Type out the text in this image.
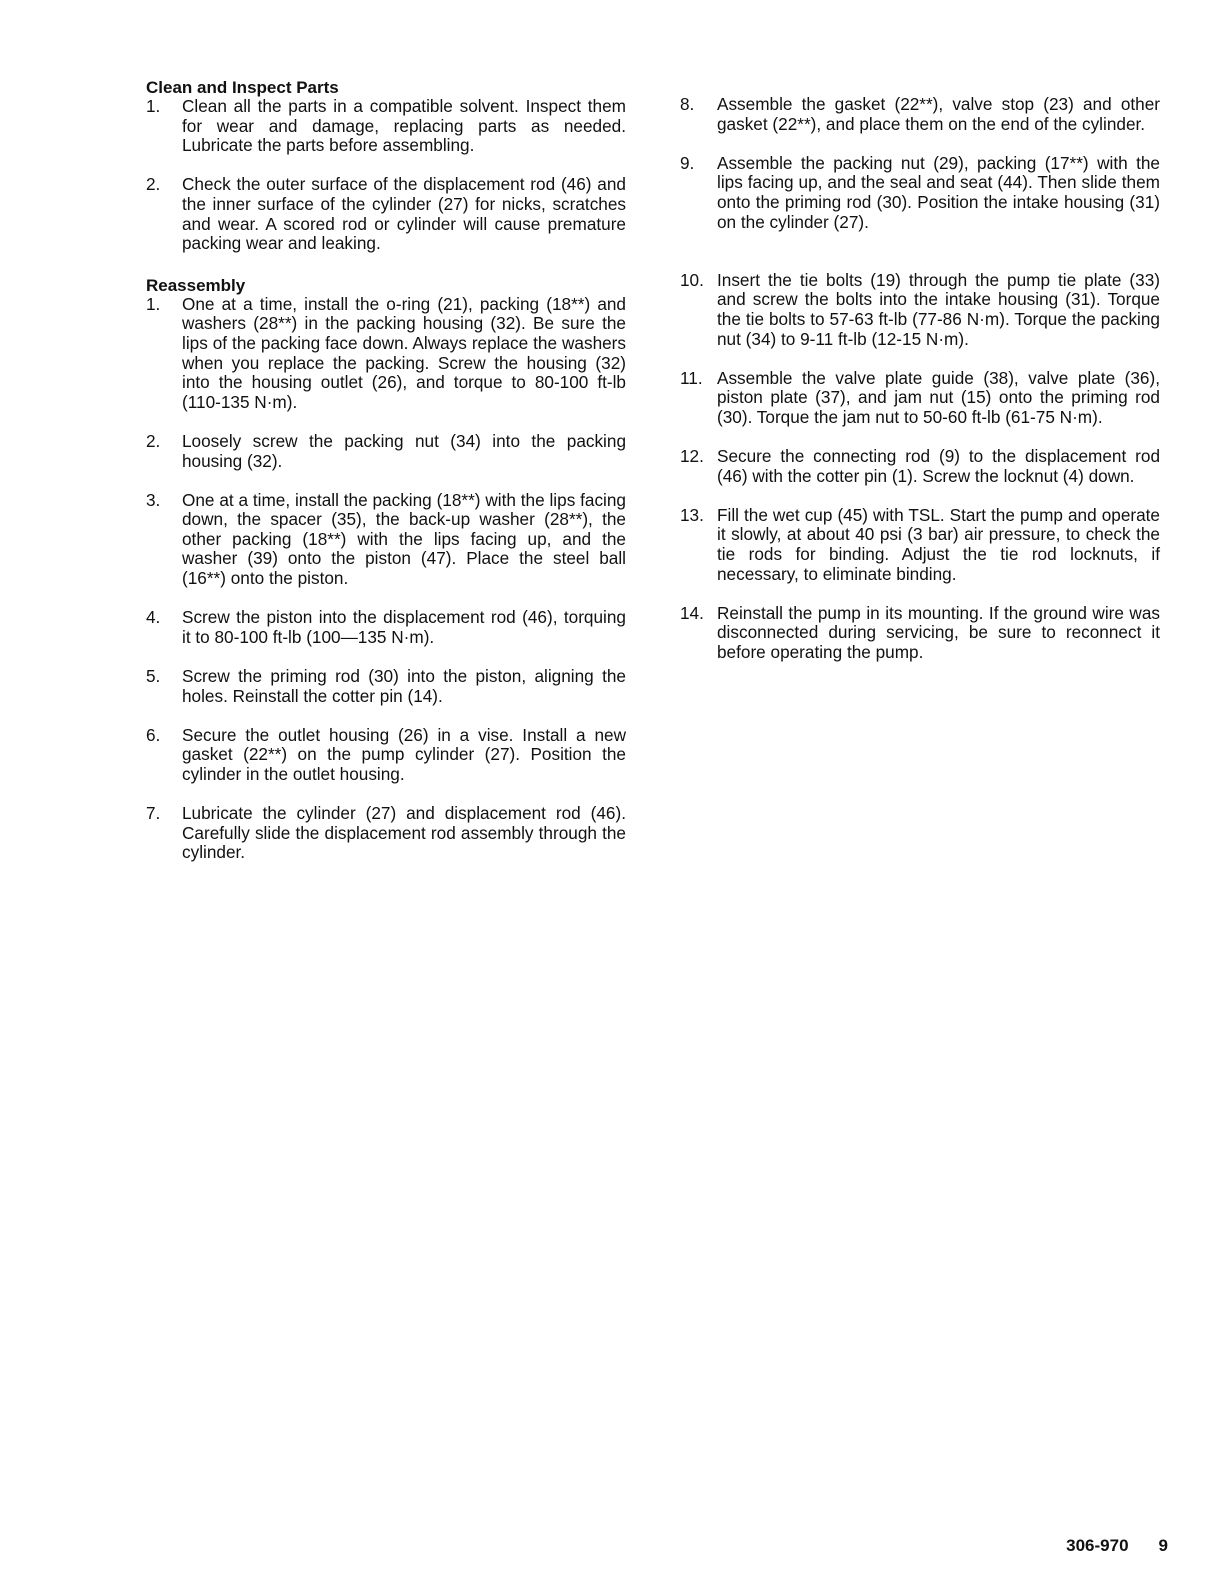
Clean and Inspect Parts
1.	Clean all the parts in a compatible solvent. Inspect them for wear and damage, replacing parts as needed. Lubricate the parts before assembling.
2.	Check the outer surface of the displacement rod (46) and the inner surface of the cylinder (27) for nicks, scratches and wear. A scored rod or cylinder will cause premature packing wear and leaking.
Reassembly
1.	One at a time, install the o-ring (21), packing (18**) and washers (28**) in the packing housing (32). Be sure the lips of the packing face down. Always replace the washers when you replace the packing. Screw the housing (32) into the housing outlet (26), and torque to 80-100 ft-lb (110-135 N·m).
2.	Loosely screw the packing nut (34) into the packing housing (32).
3.	One at a time, install the packing (18**) with the lips facing down, the spacer (35), the back-up washer (28**), the other packing (18**) with the lips facing up, and the washer (39) onto the piston (47). Place the steel ball (16**) onto the piston.
4.	Screw the piston into the displacement rod (46), torquing it to 80-100 ft-lb (100—135 N·m).
5.	Screw the priming rod (30) into the piston, aligning the holes. Reinstall the cotter pin (14).
6.	Secure the outlet housing (26) in a vise. Install a new gasket (22**) on the pump cylinder (27). Position the cylinder in the outlet housing.
7.	Lubricate the cylinder (27) and displacement rod (46). Carefully slide the displacement rod assembly through the cylinder.
8.	Assemble the gasket (22**), valve stop (23) and other gasket (22**), and place them on the end of the cylinder.
9.	Assemble the packing nut (29), packing (17**) with the lips facing up, and the seal and seat (44). Then slide them onto the priming rod (30). Position the intake housing (31) on the cylinder (27).
10. Insert the tie bolts (19) through the pump tie plate (33) and screw the bolts into the intake housing (31). Torque the tie bolts to 57-63 ft-lb (77-86 N·m). Torque the packing nut (34) to 9-11 ft-lb (12-15 N·m).
11. Assemble the valve plate guide (38), valve plate (36), piston plate (37), and jam nut (15) onto the priming rod (30). Torque the jam nut to 50-60 ft-lb (61-75 N·m).
12. Secure the connecting rod (9) to the displacement rod (46) with the cotter pin (1). Screw the locknut (4) down.
13. Fill the wet cup (45) with TSL. Start the pump and operate it slowly, at about 40 psi (3 bar) air pressure, to check the tie rods for binding. Adjust the tie rod locknuts, if necessary, to eliminate binding.
14. Reinstall the pump in its mounting. If the ground wire was disconnected during servicing, be sure to reconnect it before operating the pump.
306-970 9
